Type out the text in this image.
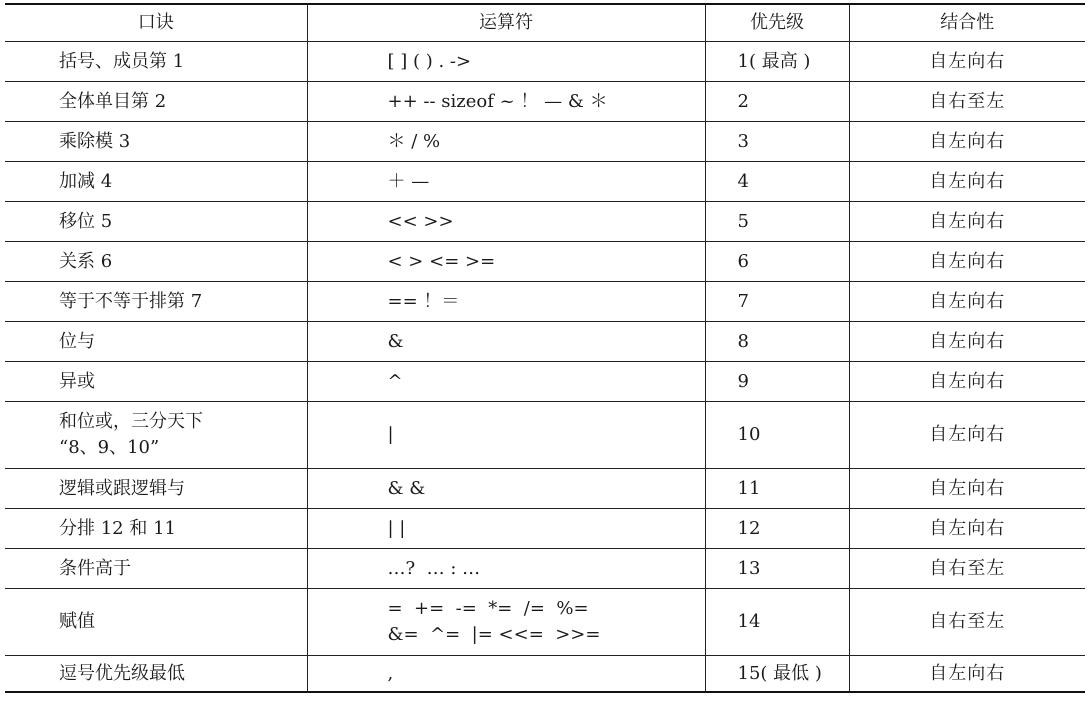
口诀	运算符	优先级	结合性

括号、成员第 1	[ ] ( ) . ->	1( 最高 )	自左向右

全体单目第 2	++ -- sizeof ~ ！ — & ＊	2	自右至左

乘除模 3	＊ / %	3	自左向右

加减 4	＋ —	4	自左向右

移位 5	<< >>	5	自左向右

关系 6	< > <= >=	6	自左向右

等于不等于排第 7	== ！＝	7	自左向右

位与	&	8	自左向右

异或	^	9	自左向右

和位或，三分天下
“8、9、10”	|	10	自左向右

逻辑或跟逻辑与	& &	11	自左向右

分排 12 和 11	| |	12	自左向右

条件高于	…?  … : …	13	自右至左

赋值	=  +=  -=  *=  /=  %=
&=  ^=  |= <<=  >>=	14	自右至左

逗号优先级最低	,	15( 最低 )	自左向右
